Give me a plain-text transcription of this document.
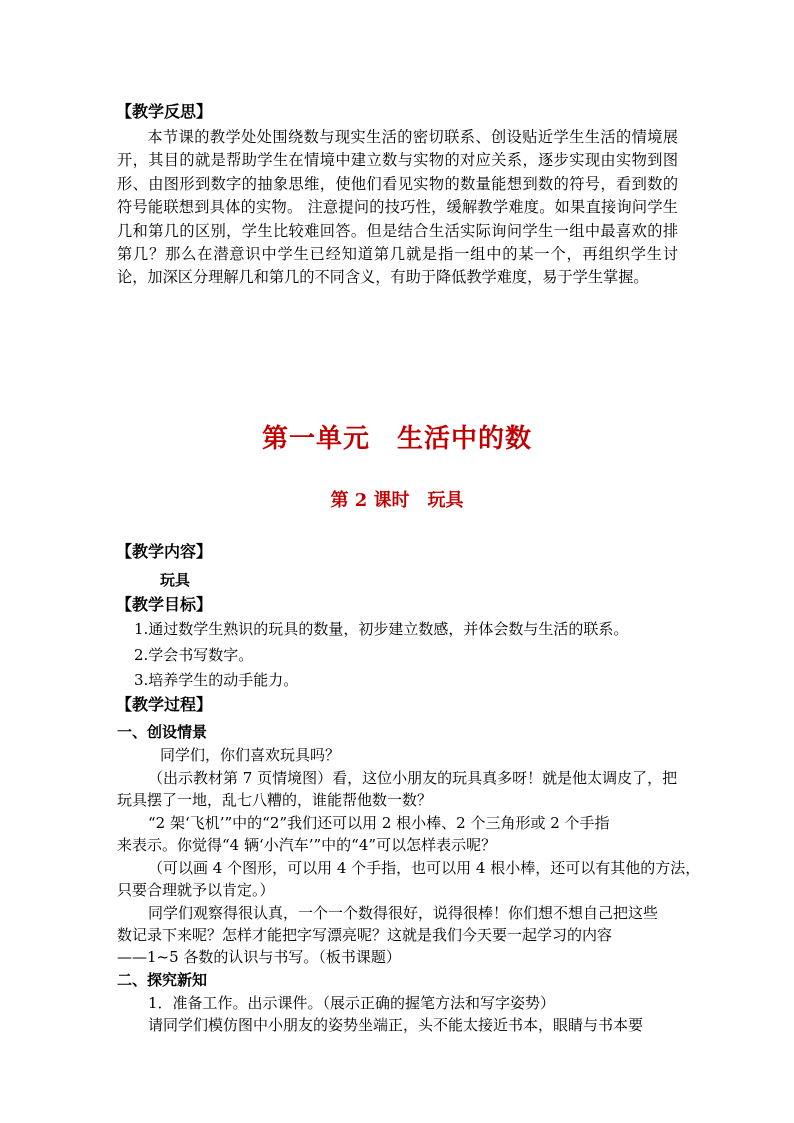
【教学反思】

本节课的教学处处围绕数与现实生活的密切联系、创设贴近学生生活的情境展开，其目的就是帮助学生在情境中建立数与实物的对应关系，逐步实现由实物到图形、由图形到数字的抽象思维，使他们看见实物的数量能想到数的符号，看到数的符号能联想到具体的实物。 注意提问的技巧性，缓解教学难度。如果直接询问学生几和第几的区别，学生比较难回答。但是结合生活实际询问学生一组中最喜欢的排第几？那么在潜意识中学生已经知道第几就是指一组中的某一个，再组织学生讨论，加深区分理解几和第几的不同含义，有助于降低教学难度，易于学生掌握。

第一单元　生活中的数
第 2 课时　玩具
【教学内容】
玩具
【教学目标】
1.通过数学生熟识的玩具的数量，初步建立数感，并体会数与生活的联系。
2.学会书写数字。
3.培养学生的动手能力。
【教学过程】
一、创设情景
同学们，你们喜欢玩具吗？
（出示教材第 7 页情境图）看，这位小朋友的玩具真多呀！就是他太调皮了，把
玩具摆了一地，乱七八糟的，谁能帮他数一数？
“2 架‘飞机’”中的“2”我们还可以用 2 根小棒、2 个三角形或 2 个手指
来表示。你觉得“4 辆‘小汽车’”中的“4”可以怎样表示呢？
（可以画 4 个图形，可以用 4 个手指，也可以用 4 根小棒，还可以有其他的方法，
只要合理就予以肯定。）
同学们观察得很认真，一个一个数得很好，说得很棒！你们想不想自己把这些
数记录下来呢？怎样才能把字写漂亮呢？这就是我们今天要一起学习的内容
——1~5 各数的认识与书写。（板书课题）
二、探究新知
1．准备工作。出示课件。（展示正确的握笔方法和写字姿势）
请同学们模仿图中小朋友的姿势坐端正，头不能太接近书本，眼睛与书本要
